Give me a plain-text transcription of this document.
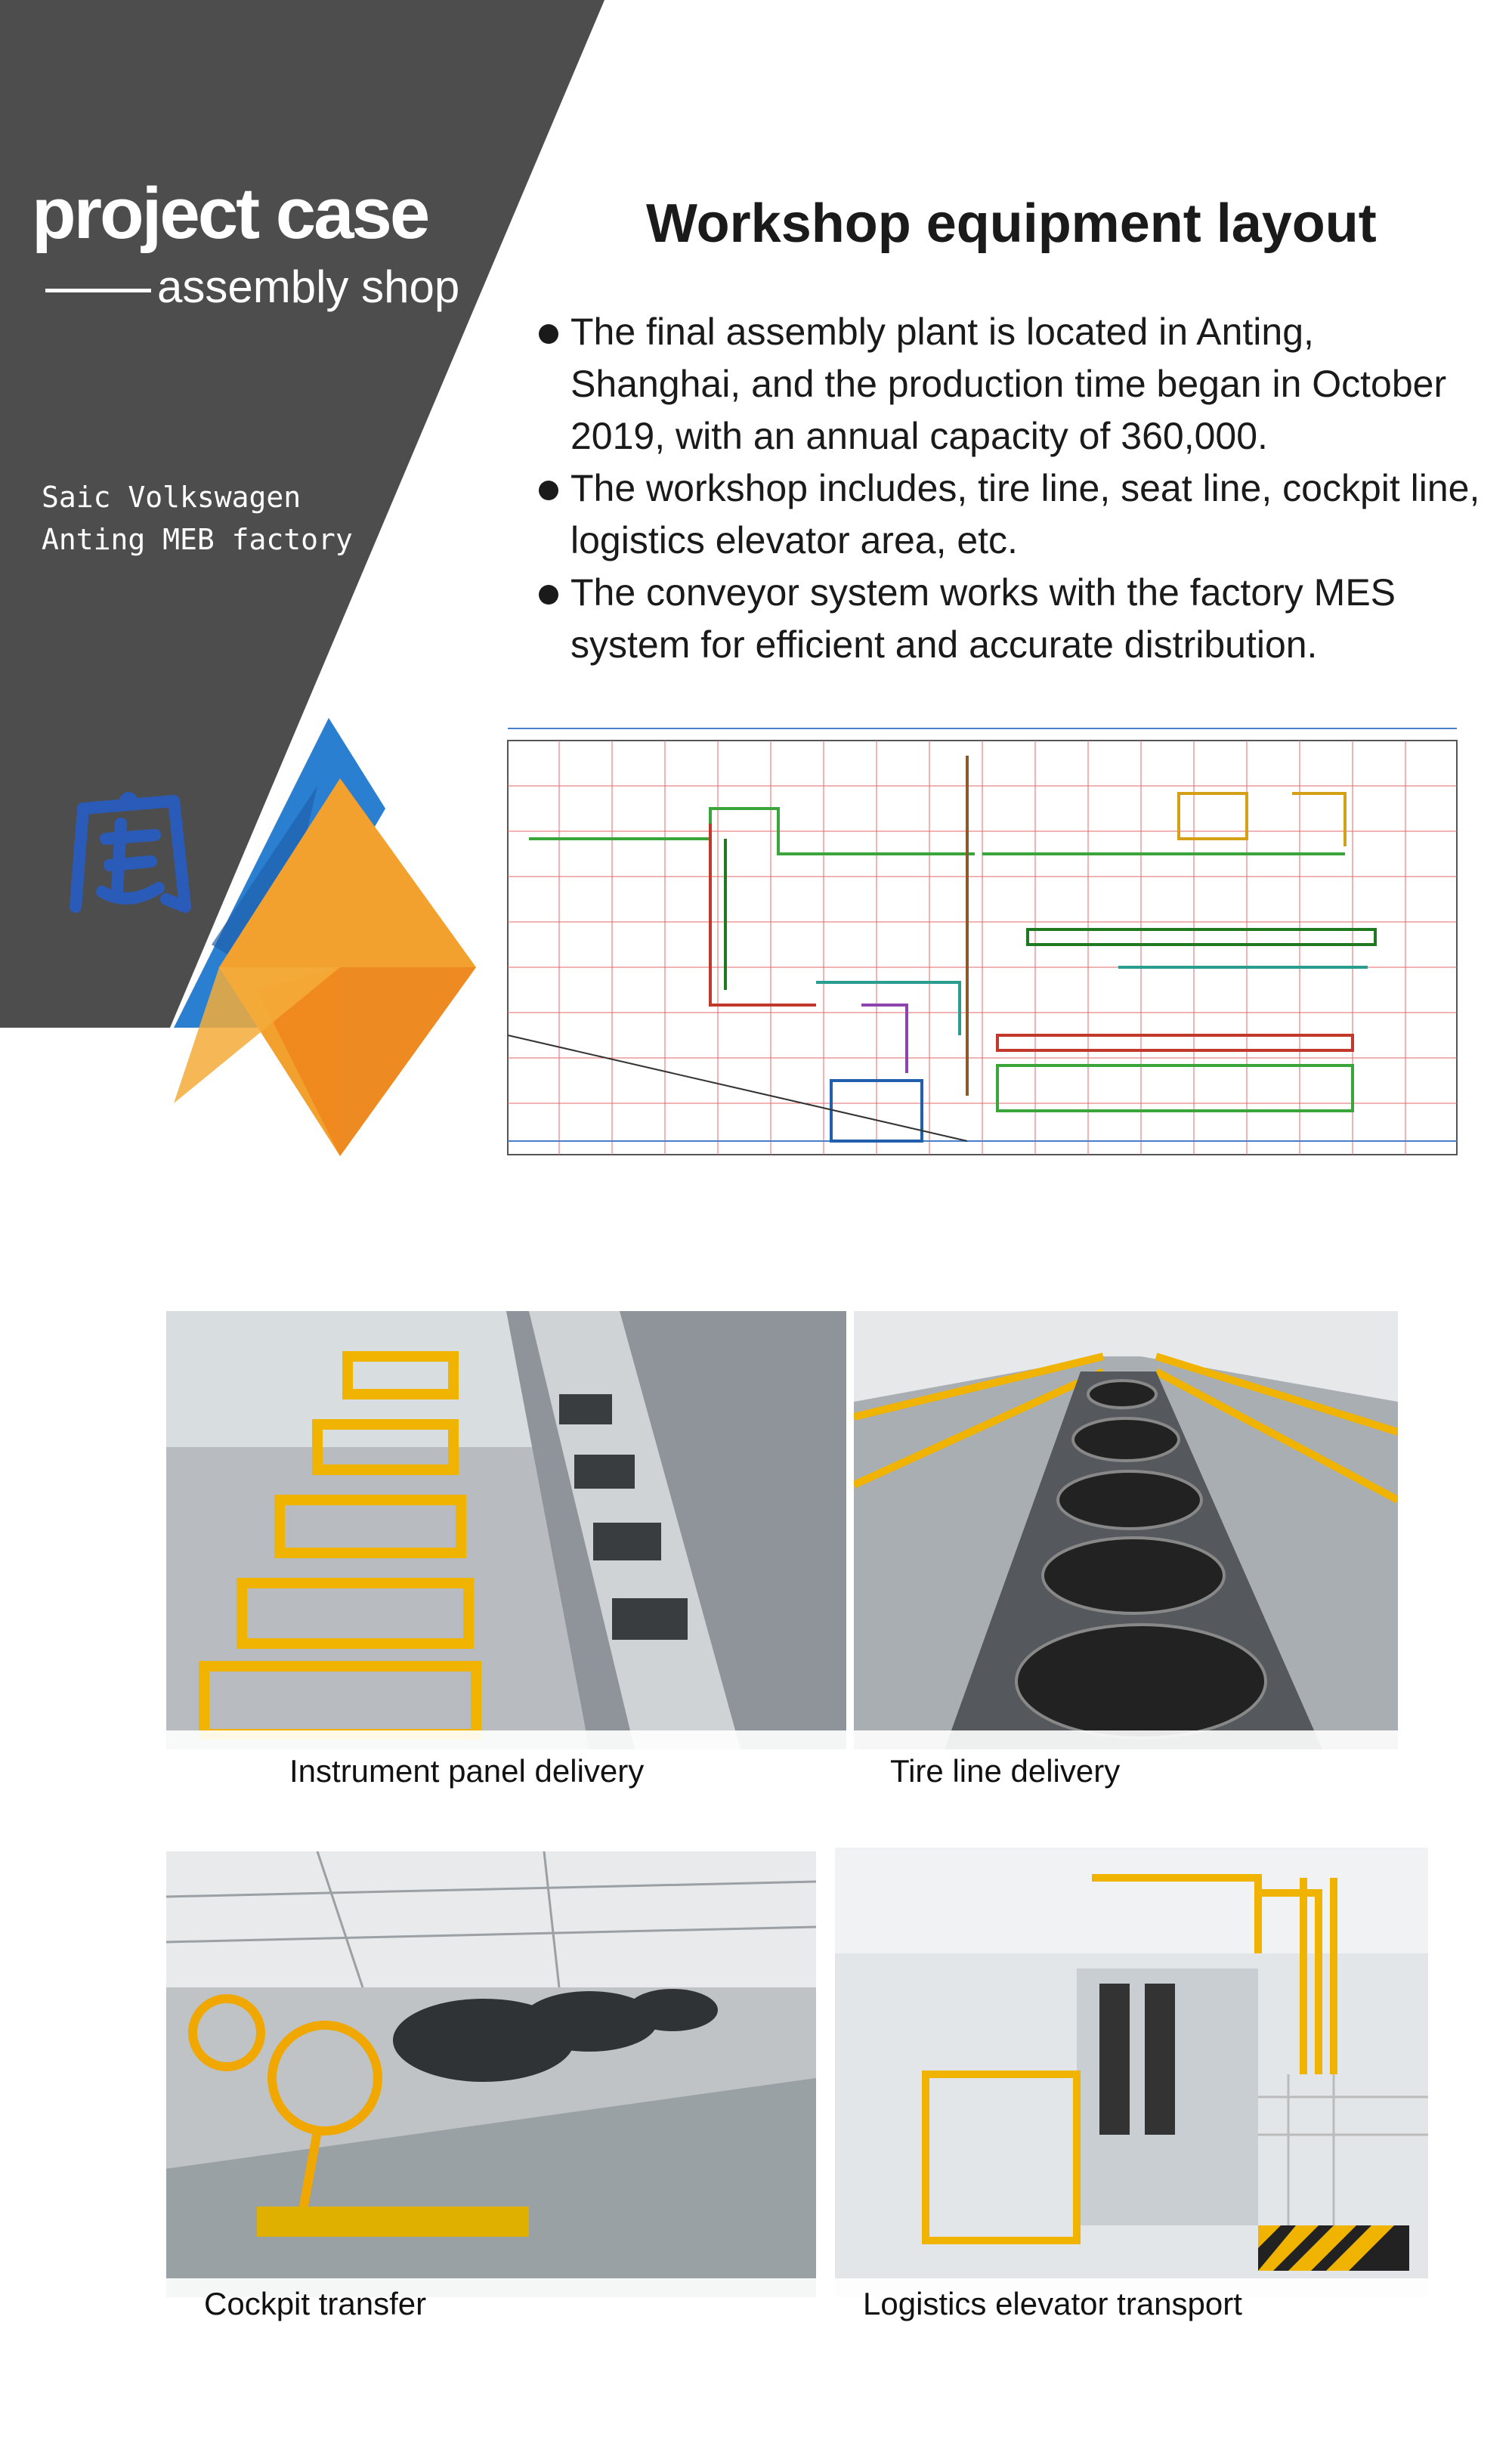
project case
assembly shop
Saic Volkswagen
Anting MEB factory
Workshop equipment layout
The final assembly plant is located in Anting, Shanghai, and the production time began in October 2019, with an annual capacity of 360,000.
The workshop includes, tire line, seat line, cockpit line, logistics elevator area, etc.
The conveyor system works with the factory MES system for efficient and accurate distribution.
Instrument panel delivery	Tire line delivery
Cockpit transfer	Logistics elevator transport
